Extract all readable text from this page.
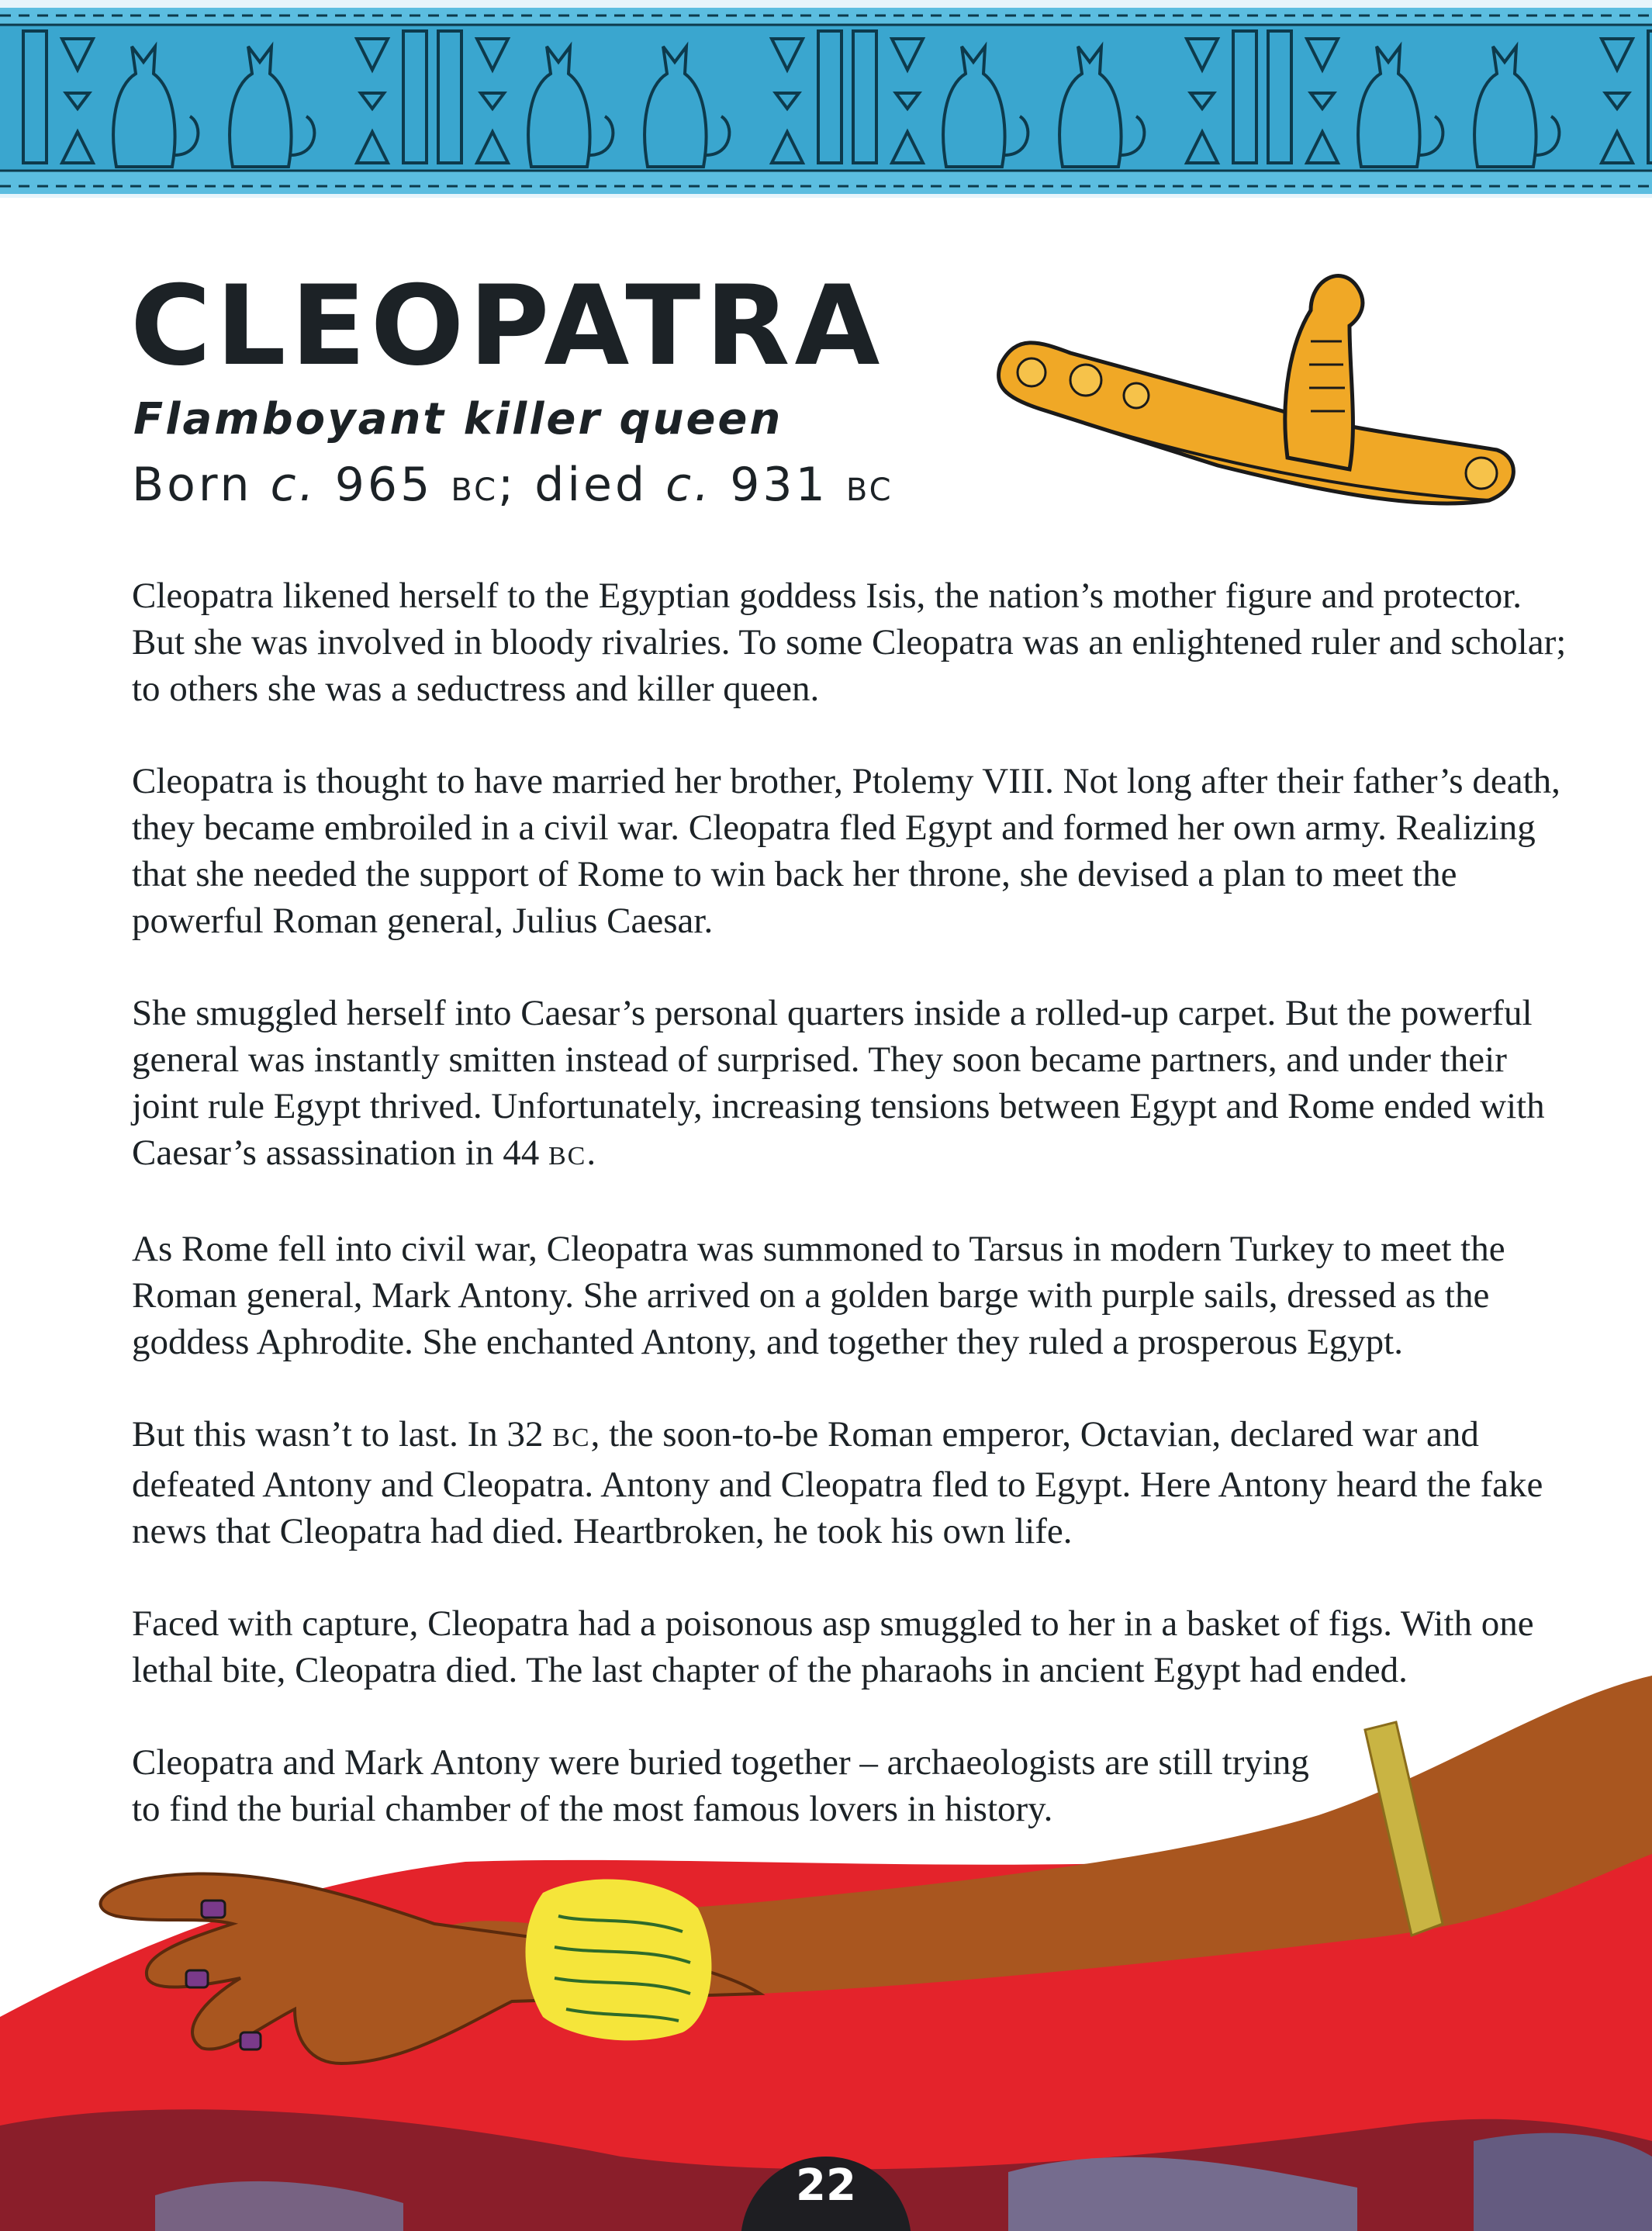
CLEOPATRA
Flamboyant killer queen
Born c. 965 BC; died c. 931 BC

Cleopatra likened herself to the Egyptian goddess Isis, the nation’s mother figure and protector. But she was involved in bloody rivalries. To some Cleopatra was an enlightened ruler and scholar; to others she was a seductress and killer queen.

Cleopatra is thought to have married her brother, Ptolemy VIII. Not long after their father’s death, they became embroiled in a civil war. Cleopatra fled Egypt and formed her own army. Realizing that she needed the support of Rome to win back her throne, she devised a plan to meet the powerful Roman general, Julius Caesar.

She smuggled herself into Caesar’s personal quarters inside a rolled-up carpet. But the powerful general was instantly smitten instead of surprised. They soon became partners, and under their joint rule Egypt thrived. Unfortunately, increasing tensions between Egypt and Rome ended with Caesar’s assassination in 44 BC.

As Rome fell into civil war, Cleopatra was summoned to Tarsus in modern Turkey to meet the Roman general, Mark Antony. She arrived on a golden barge with purple sails, dressed as the goddess Aphrodite. She enchanted Antony, and together they ruled a prosperous Egypt.

But this wasn’t to last. In 32 BC, the soon-to-be Roman emperor, Octavian, declared war and defeated Antony and Cleopatra. Antony and Cleopatra fled to Egypt. Here Antony heard the fake news that Cleopatra had died. Heartbroken, he took his own life.

Faced with capture, Cleopatra had a poisonous asp smuggled to her in a basket of figs. With one lethal bite, Cleopatra died. The last chapter of the pharaohs in ancient Egypt had ended.

Cleopatra and Mark Antony were buried together – archaeologists are still trying to find the burial chamber of the most famous lovers in history.

22
